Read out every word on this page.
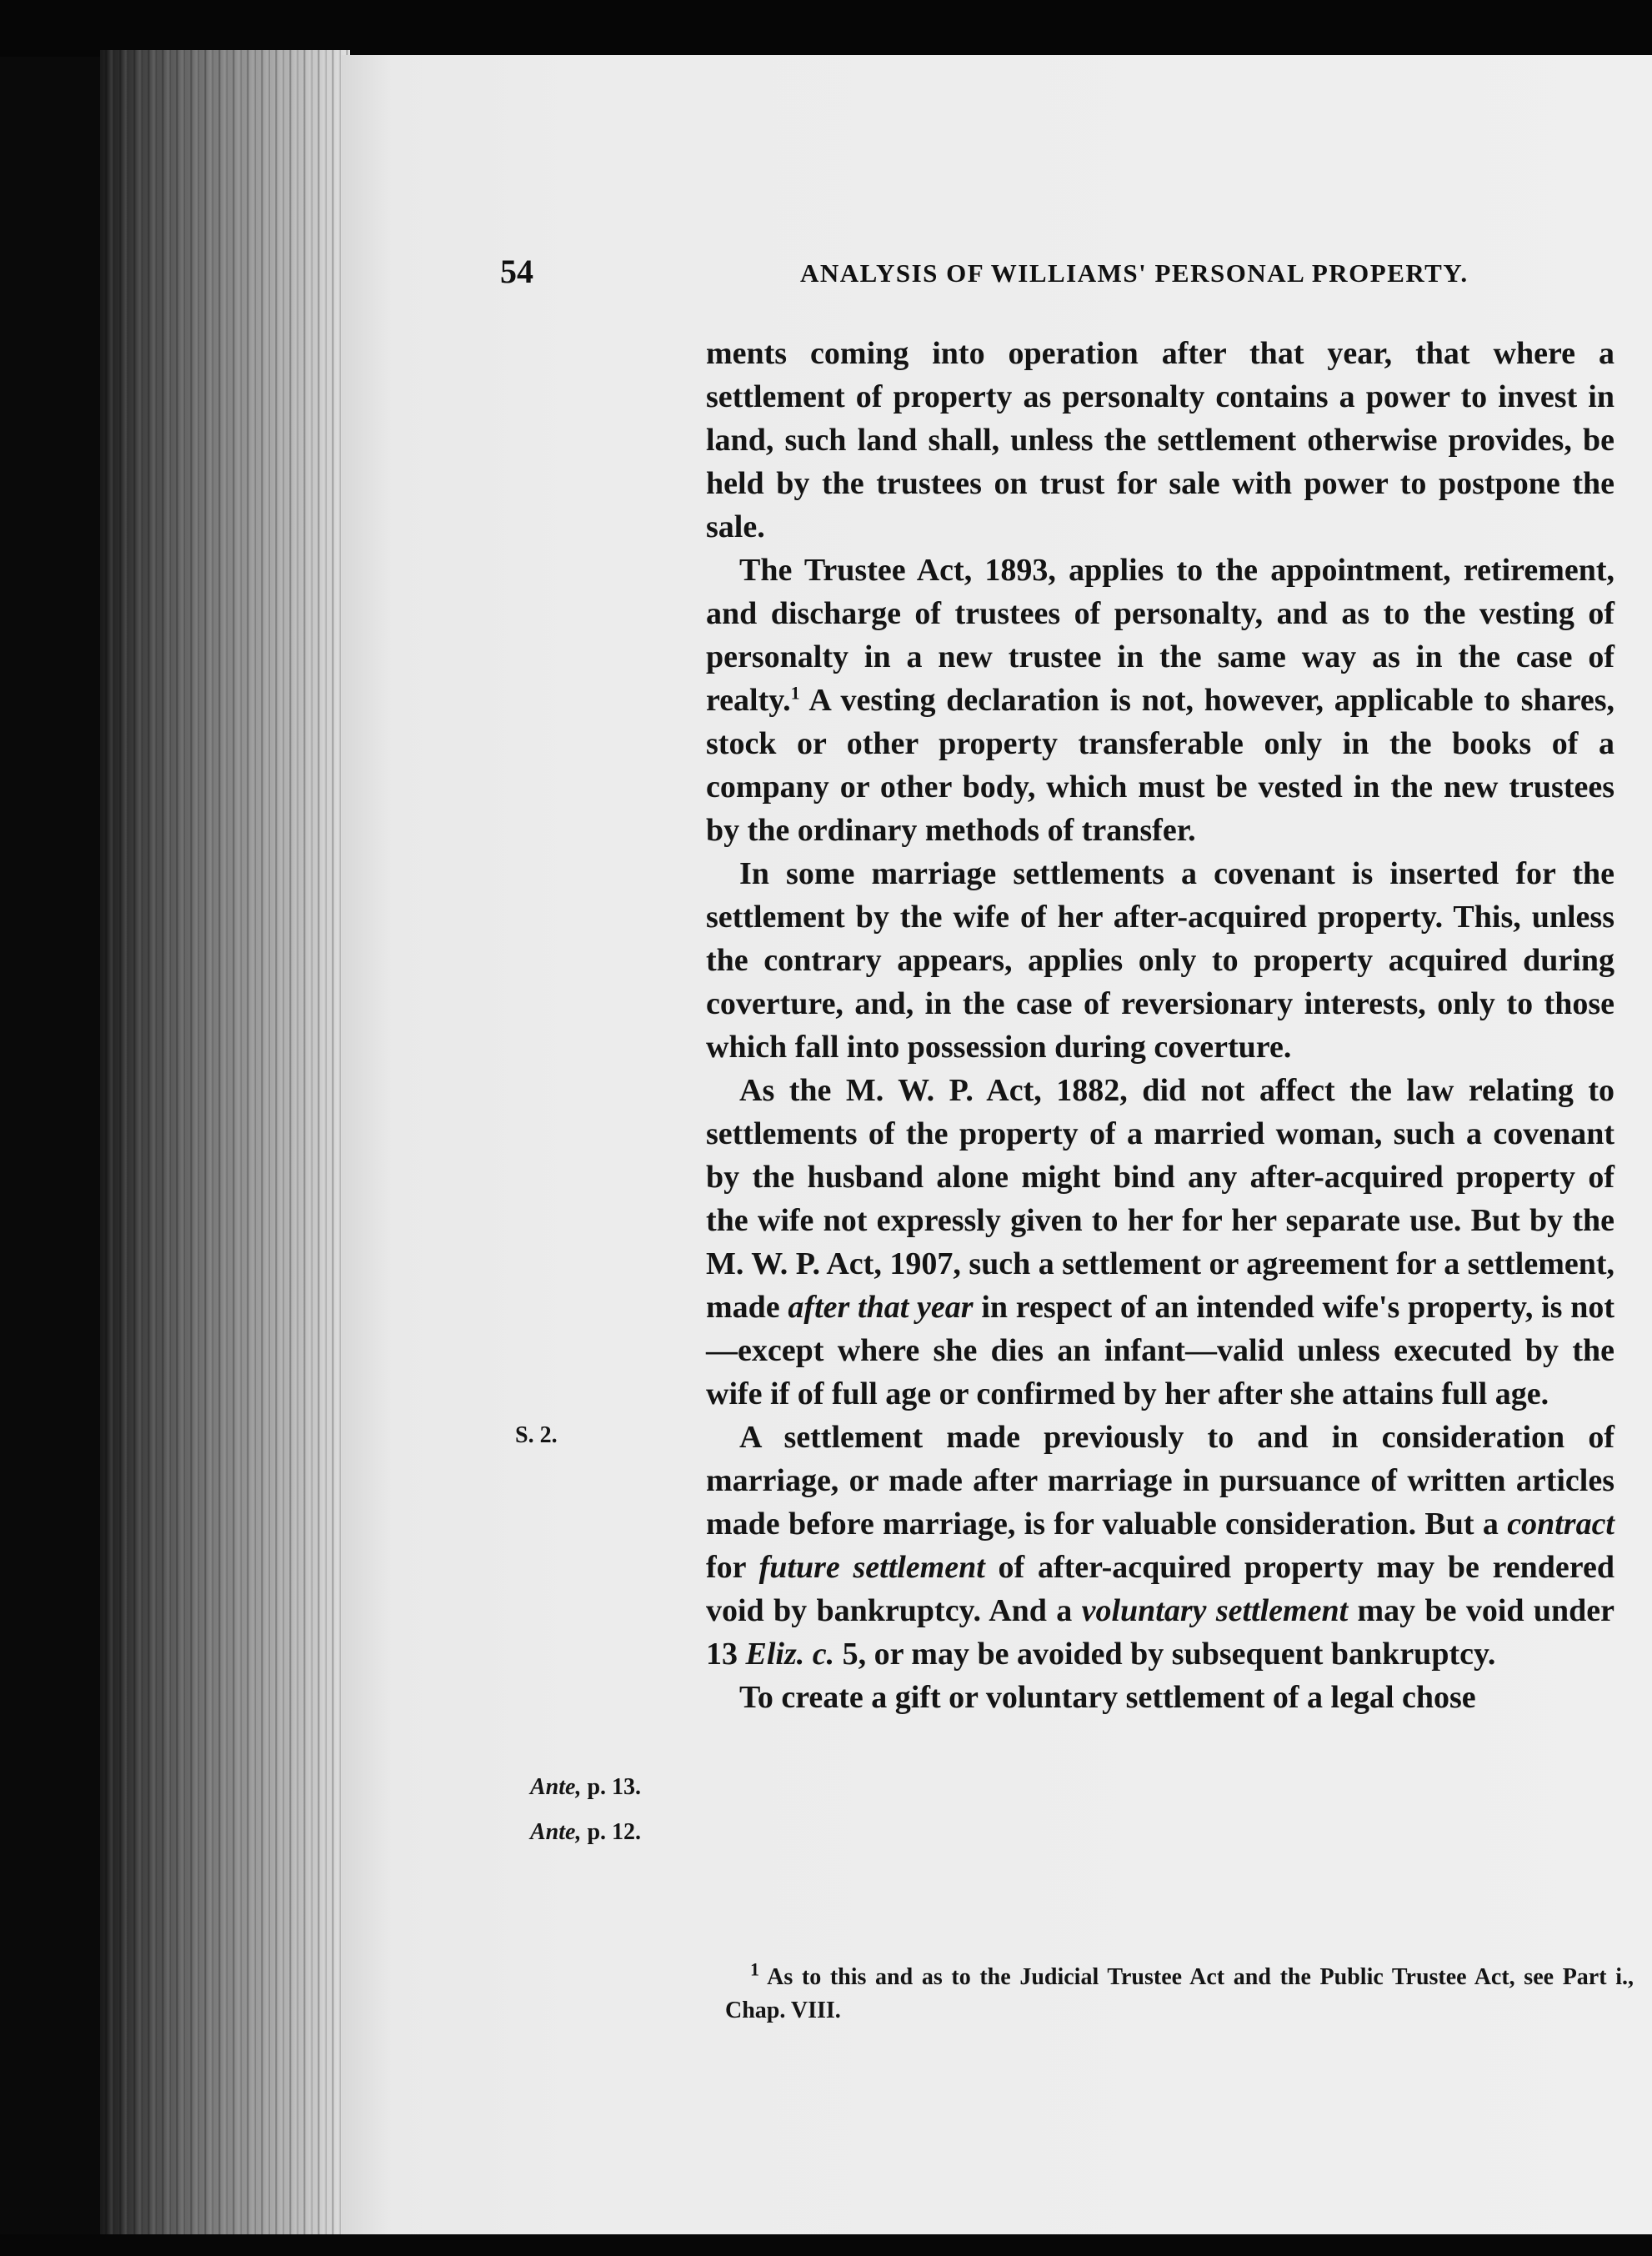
54	ANALYSIS OF WILLIAMS' PERSONAL PROPERTY.
S. 2.
Ante, p. 13.
Ante, p. 12.

ments coming into operation after that year, that where a settlement of property as personalty contains a power to invest in land, such land shall, unless the settlement otherwise provides, be held by the trustees on trust for sale with power to postpone the sale.

The Trustee Act, 1893, applies to the appointment, retirement, and discharge of trustees of personalty, and as to the vesting of personalty in a new trustee in the same way as in the case of realty.$^1$ A vesting declaration is not, however, applicable to shares, stock or other property transferable only in the books of a company or other body, which must be vested in the new trustees by the ordinary methods of transfer.

In some marriage settlements a covenant is inserted for the settlement by the wife of her after-acquired property. This, unless the contrary appears, applies only to property acquired during coverture, and, in the case of reversionary interests, only to those which fall into possession during coverture.

As the M. W. P. Act, 1882, did not affect the law relating to settlements of the property of a married woman, such a covenant by the husband alone might bind any after-acquired property of the wife not expressly given to her for her separate use. But by the M. W. P. Act, 1907, such a settlement or agreement for a settlement, made after that year in respect of an intended wife's property, is not—except where she dies an infant—valid unless executed by the wife if of full age or confirmed by her after she attains full age.

A settlement made previously to and in consideration of marriage, or made after marriage in pursuance of written articles made before marriage, is for valuable consideration. But a contract for future settlement of after-acquired property may be rendered void by bankruptcy. And a voluntary settlement may be void under 13 Eliz. c. 5, or may be avoided by subsequent bankruptcy.

To create a gift or voluntary settlement of a legal chose

$^1$ As to this and as to the Judicial Trustee Act and the Public Trustee Act, see Part i., Chap. VIII.
